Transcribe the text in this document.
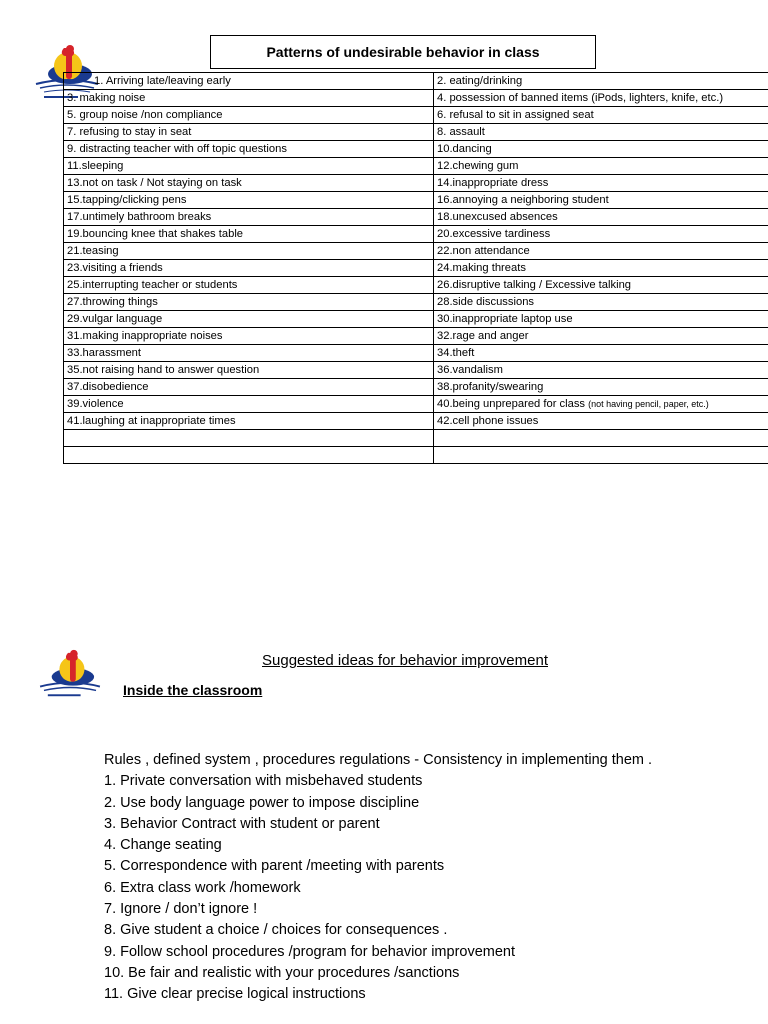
Patterns of undesirable behavior in class
1. Arriving late/leaving early	2. eating/drinking
3. making noise	4. possession of banned items (iPods, lighters, knife, etc.)
5. group noise /non compliance	6. refusal to sit in assigned seat
7. refusing to stay in seat	8. assault
9. distracting teacher with off topic questions	10.dancing
11.sleeping	12.chewing gum
13.not on task / Not staying on task	14.inappropriate dress
15.tapping/clicking pens	16.annoying a neighboring student
17.untimely bathroom breaks	18.unexcused absences
19.bouncing knee that shakes table	20.excessive tardiness
21.teasing	22.non attendance
23.visiting a friends	24.making threats
25.interrupting teacher or students	26.disruptive talking / Excessive talking
27.throwing things	28.side discussions
29.vulgar language	30.inappropriate laptop use
31.making inappropriate noises	32.rage and anger
33.harassment	34.theft
35.not raising hand to answer question	36.vandalism
37.disobedience	38.profanity/swearing
39.violence	40.being unprepared for class (not having pencil, paper, etc.)
41.laughing at inappropriate times	42.cell phone issues

Suggested ideas for behavior improvement
Inside the classroom

Rules , defined system , procedures regulations - Consistency in implementing them .

1. Private conversation with misbehaved students

2. Use body language power to impose discipline

3. Behavior Contract with student or parent

4. Change seating

5. Correspondence with parent /meeting with parents

6. Extra class work /homework

7. Ignore / don’t ignore !

8. Give student a choice / choices for consequences .

9. Follow school procedures /program for behavior improvement

10. Be fair and realistic with your procedures /sanctions

11. Give clear precise logical instructions
